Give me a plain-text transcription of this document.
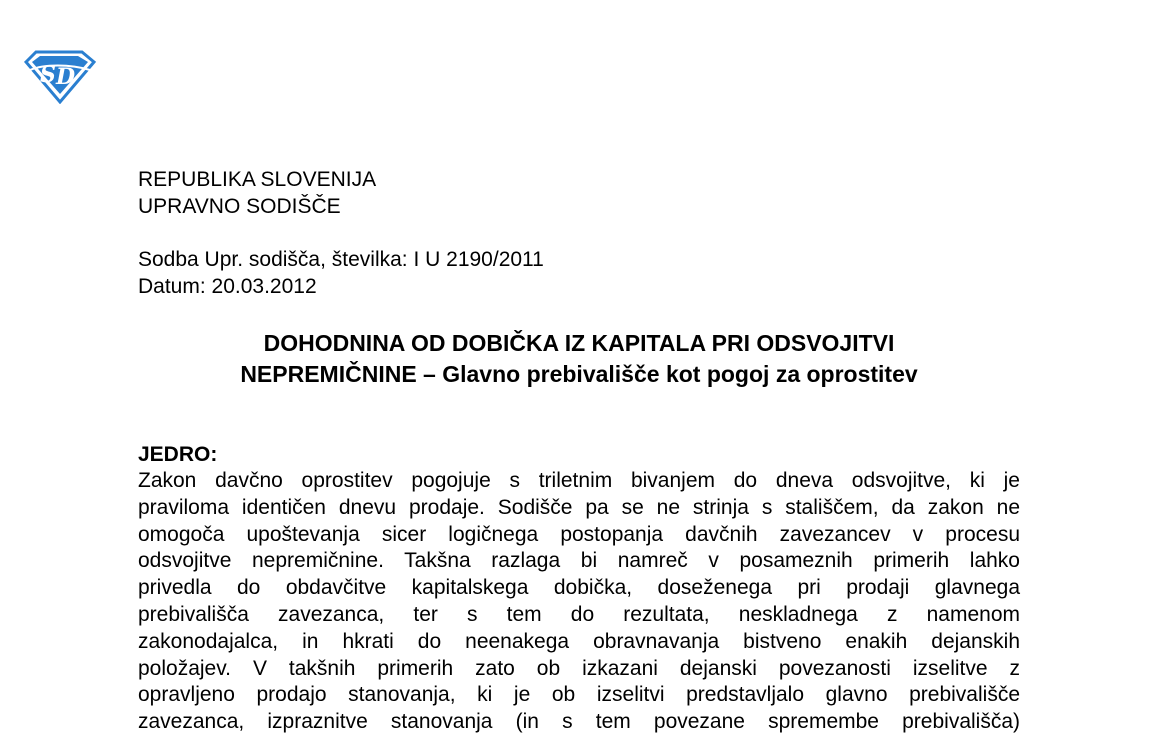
S D
REPUBLIKA SLOVENIJA
UPRAVNO SODIŠČE
Sodba Upr. sodišča, številka: I U 2190/2011
Datum: 20.03.2012
DOHODNINA OD DOBIČKA IZ KAPITALA PRI ODSVOJITVI
NEPREMIČNINE – Glavno prebivališče kot pogoj za oprostitev
JEDRO:
Zakon davčno oprostitev pogojuje s triletnim bivanjem do dneva odsvojitve, ki je
praviloma identičen dnevu prodaje. Sodišče pa se ne strinja s stališčem, da zakon ne
omogoča upoštevanja sicer logičnega postopanja davčnih zavezancev v procesu
odsvojitve nepremičnine. Takšna razlaga bi namreč v posameznih primerih lahko
privedla do obdavčitve kapitalskega dobička, doseženega pri prodaji glavnega
prebivališča zavezanca, ter s tem do rezultata, neskladnega z namenom
zakonodajalca, in hkrati do neenakega obravnavanja bistveno enakih dejanskih
položajev. V takšnih primerih zato ob izkazani dejanski povezanosti izselitve z
opravljeno prodajo stanovanja, ki je ob izselitvi predstavljalo glavno prebivališče
zavezanca, izpraznitve stanovanja (in s tem povezane spremembe prebivališča)
